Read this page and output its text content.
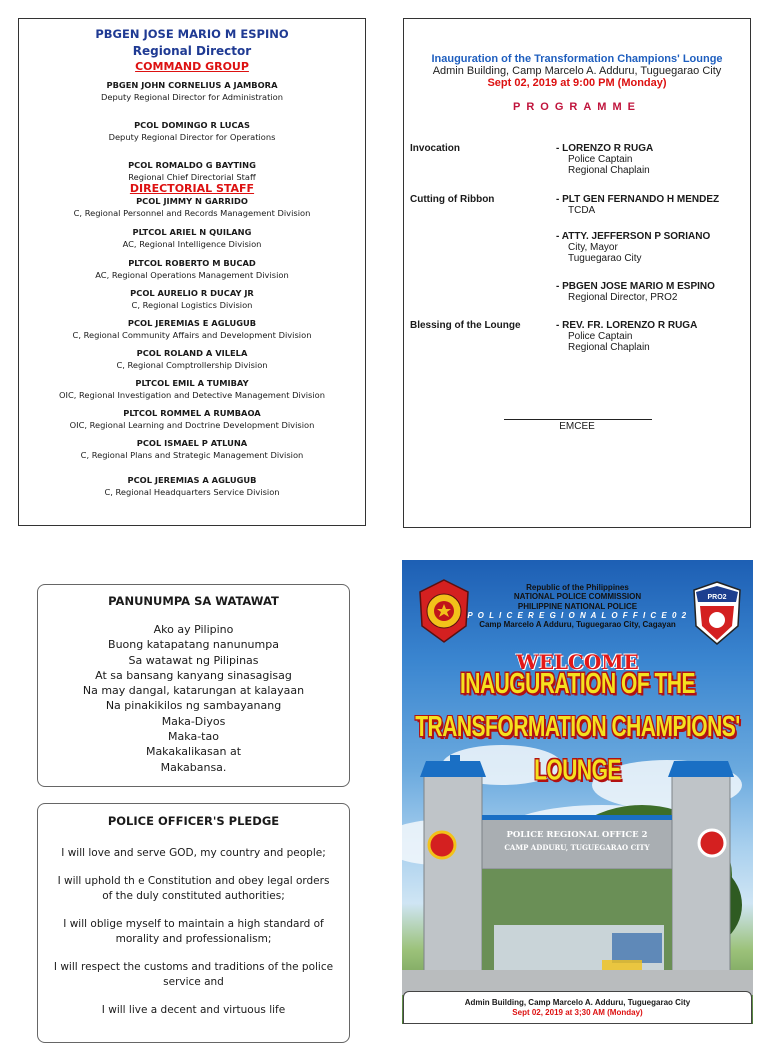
PBGEN JOSE MARIO M ESPINO
Regional Director
COMMAND GROUP
PBGEN JOHN CORNELIUS A JAMBORA
Deputy Regional Director for Administration
PCOL DOMINGO R LUCAS
Deputy Regional Director for Operations
PCOL ROMALDO G BAYTING
Regional Chief Directorial Staff
DIRECTORIAL STAFF
PCOL JIMMY N GARRIDO
C, Regional Personnel and Records Management Division
PLTCOL ARIEL N QUILANG
AC, Regional Intelligence Division
PLTCOL ROBERTO M BUCAD
AC, Regional Operations Management Division
PCOL AURELIO R DUCAY JR
C, Regional Logistics Division
PCOL JEREMIAS E AGLUGUB
C, Regional Community Affairs and Development Division
PCOL ROLAND A VILELA
C, Regional Comptrollership Division
PLTCOL EMIL A TUMIBAY
OIC, Regional Investigation and Detective Management Division
PLTCOL ROMMEL A RUMBAOA
OIC, Regional Learning and Doctrine Development Division
PCOL ISMAEL P ATLUNA
C, Regional Plans and Strategic Management Division
PCOL JEREMIAS A AGLUGUB
C, Regional Headquarters Service Division
Inauguration of the Transformation Champions' Lounge
Admin Building, Camp Marcelo A. Adduru, Tuguegarao City
Sept 02, 2019 at 9:00 PM (Monday)
PROGRAMME
Invocation	- LORENZO R RUGA
Police Captain
Regional Chaplain
Cutting of Ribbon	- PLT GEN FERNANDO H MENDEZ
TCDA
- ATTY. JEFFERSON P SORIANO
City, Mayor
Tuguegarao City
- PBGEN JOSE MARIO M ESPINO
Regional Director, PRO2
Blessing of the Lounge	- REV. FR. LORENZO R RUGA
Police Captain
Regional Chaplain
EMCEE
PANUNUMPA SA WATAWAT
Ako ay Pilipino
Buong katapatang nanunumpa
Sa watawat ng Pilipinas
At sa bansang kanyang sinasagisag
Na may dangal, katarungan at kalayaan
Na pinakikilos ng sambayanang
Maka-Diyos
Maka-tao
Makakalikasan at
Makabansa.
POLICE OFFICER'S PLEDGE
I will love and serve GOD, my country and people;
I will uphold th e Constitution and obey legal orders of the duly constituted authorities;
I will oblige myself to maintain a high standard of morality and professionalism;
I will respect the customs and traditions of the police service and
I will live a decent and virtuous life
PRO2
Republic of the Philippines
NATIONAL POLICE COMMISSION
PHILIPPINE NATIONAL POLICE
P O L I C E R E G I O N A L O F F I C E 0 2
Camp Marcelo A Adduru, Tuguegarao City, Cagayan
WELCOME
INAUGURATION OF THE
TRANSFORMATION CHAMPIONS' LOUNGE
POLICE REGIONAL OFFICE 2
CAMP ADDURU, TUGUEGARAO CITY
Admin Building, Camp Marcelo A. Adduru, Tuguegarao City
Sept 02, 2019 at 3;30 AM (Monday)
